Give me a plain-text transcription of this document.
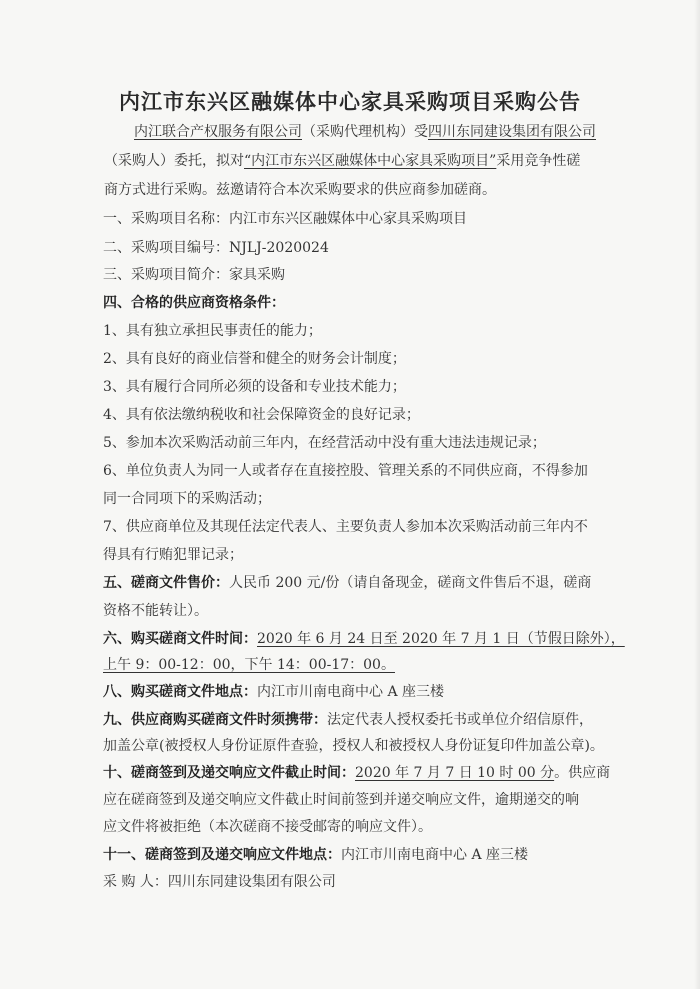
内江市东兴区融媒体中心家具采购项目采购公告
内江联合产权服务有限公司（采购代理机构）受四川东同建设集团有限公司
（采购人）委托，拟对“内江市东兴区融媒体中心家具采购项目”采用竞争性磋
商方式进行采购。兹邀请符合本次采购要求的供应商参加磋商。
一、采购项目名称：内江市东兴区融媒体中心家具采购项目
二、采购项目编号：NJLJ-2020024
三、采购项目简介：家具采购
四、合格的供应商资格条件：
1、具有独立承担民事责任的能力；
2、具有良好的商业信誉和健全的财务会计制度；
3、具有履行合同所必须的设备和专业技术能力；
4、具有依法缴纳税收和社会保障资金的良好记录；
5、参加本次采购活动前三年内，在经营活动中没有重大违法违规记录；
6、单位负责人为同一人或者存在直接控股、管理关系的不同供应商，不得参加
同一合同项下的采购活动；
7、供应商单位及其现任法定代表人、主要负责人参加本次采购活动前三年内不
得具有行贿犯罪记录；
五、磋商文件售价：人民币 200 元/份（请自备现金，磋商文件售后不退，磋商
资格不能转让）。
六、购买磋商文件时间：2020 年 6 月 24 日至 2020 年 7 月 1 日（节假日除外），
上午 9：00-12：00，下午 14：00-17：00。
八、购买磋商文件地点：内江市川南电商中心 A 座三楼
九、供应商购买磋商文件时须携带：法定代表人授权委托书或单位介绍信原件，
加盖公章(被授权人身份证原件查验，授权人和被授权人身份证复印件加盖公章)。
十、磋商签到及递交响应文件截止时间：2020 年 7 月 7 日 10 时 00 分。供应商
应在磋商签到及递交响应文件截止时间前签到并递交响应文件，逾期递交的响
应文件将被拒绝（本次磋商不接受邮寄的响应文件）。
十一、磋商签到及递交响应文件地点：内江市川南电商中心 A 座三楼
采 购 人：四川东同建设集团有限公司
